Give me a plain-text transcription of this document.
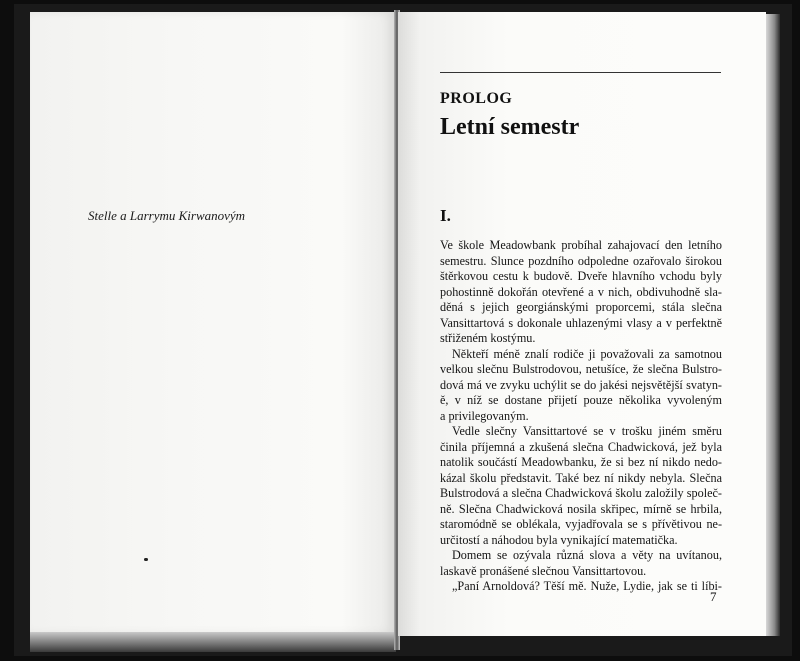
Stelle a Larrymu Kirwanovým
PROLOG
Letní semestr
I.
Ve škole Meadowbank probíhal zahajovací den letního
semestru. Slunce pozdního odpoledne ozařovalo širokou
štěrkovou cestu k budově. Dveře hlavního vchodu byly
pohostinně dokořán otevřené a v nich, obdivuhodně sla-
děná s jejich georgiánskými proporcemi, stála slečna
Vansittartová s dokonale uhlazenými vlasy a v perfektně
střiženém kostýmu.
Někteří méně znalí rodiče ji považovali za samotnou
velkou slečnu Bulstrodovou, netušíce, že slečna Bulstro-
dová má ve zvyku uchýlit se do jakési nejsvětější svatyn-
ě, v níž se dostane přijetí pouze několika vyvoleným
a privilegovaným.
Vedle slečny Vansittartové se v trošku jiném směru
činila příjemná a zkušená slečna Chadwicková, jež byla
natolik součástí Meadowbanku, že si bez ní nikdo nedo-
kázal školu představit. Také bez ní nikdy nebyla. Slečna
Bulstrodová a slečna Chadwicková školu založily společ-
ně. Slečna Chadwicková nosila skřipec, mírně se hrbila,
staromódně se oblékala, vyjadřovala se s přívětivou ne-
určitostí a náhodou byla vynikající matematička.
Domem se ozývala různá slova a věty na uvítanou,
laskavě pronášené slečnou Vansittartovou.
„Paní Arnoldová? Těší mě. Nuže, Lydie, jak se ti líbi-
7
